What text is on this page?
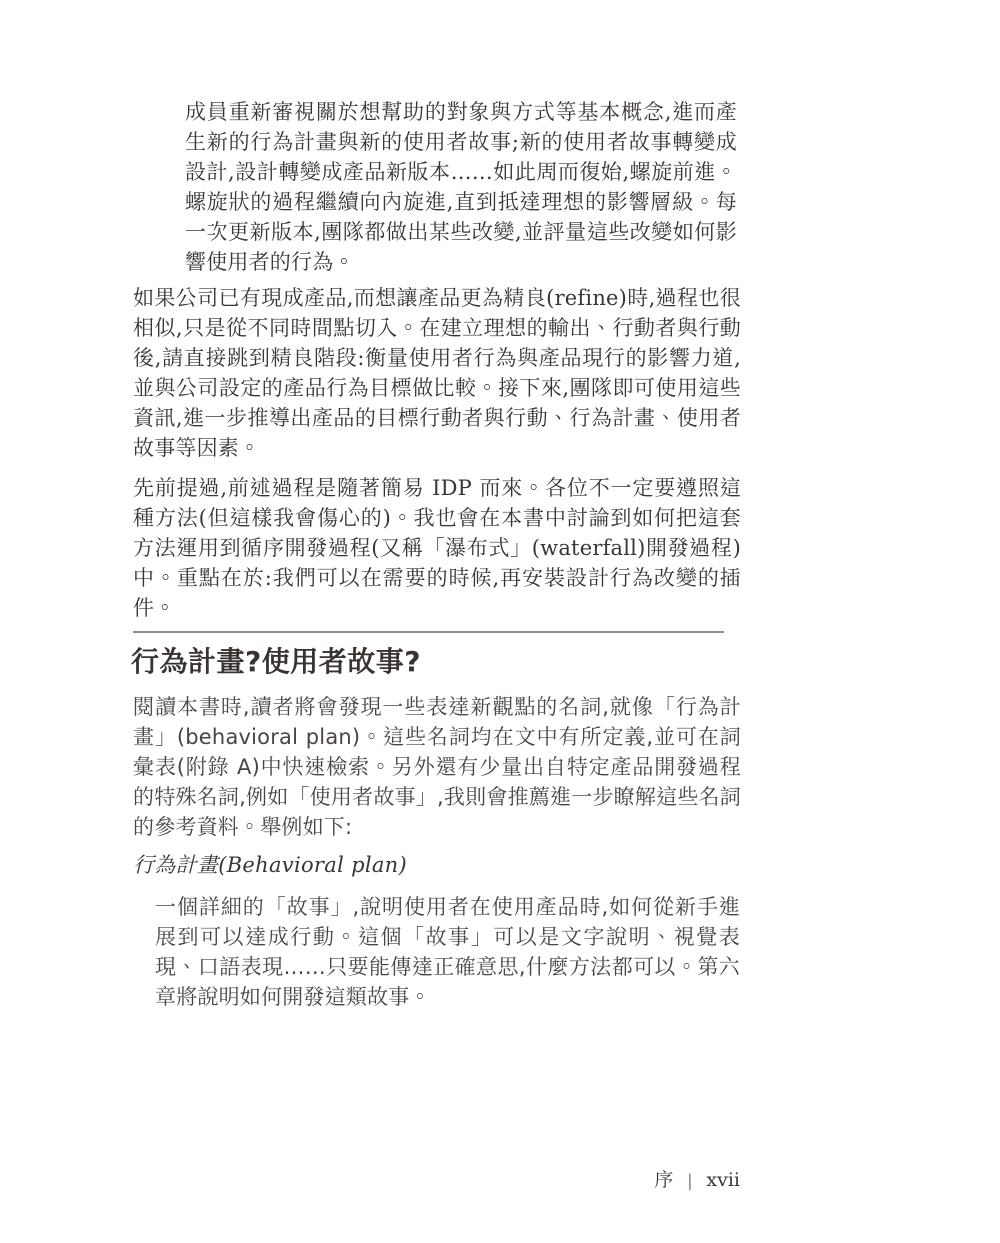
成員重新審視關於想幫助的對象與方式等基本概念,進而產生新的行為計畫與新的使用者故事;新的使用者故事轉變成設計,設計轉變成產品新版本……如此周而復始,螺旋前進。螺旋狀的過程繼續向內旋進,直到抵達理想的影響層級。每一次更新版本,團隊都做出某些改變,並評量這些改變如何影響使用者的行為。

如果公司已有現成產品,而想讓產品更為精良(refine)時,過程也很相似,只是從不同時間點切入。在建立理想的輸出、行動者與行動後,請直接跳到精良階段:衡量使用者行為與產品現行的影響力道,並與公司設定的產品行為目標做比較。接下來,團隊即可使用這些資訊,進一步推導出產品的目標行動者與行動、行為計畫、使用者故事等因素。

先前提過,前述過程是隨著簡易 IDP 而來。各位不一定要遵照這種方法(但這樣我會傷心的)。我也會在本書中討論到如何把這套方法運用到循序開發過程(又稱「瀑布式」(waterfall)開發過程)中。重點在於:我們可以在需要的時候,再安裝設計行為改變的插件。

行為計畫?使用者故事?

閱讀本書時,讀者將會發現一些表達新觀點的名詞,就像「行為計畫」(behavioral plan)。這些名詞均在文中有所定義,並可在詞彙表(附錄 A)中快速檢索。另外還有少量出自特定產品開發過程的特殊名詞,例如「使用者故事」,我則會推薦進一步瞭解這些名詞的參考資料。舉例如下:

行為計畫(Behavioral plan)

一個詳細的「故事」,說明使用者在使用產品時,如何從新手進展到可以達成行動。這個「故事」可以是文字說明、視覺表現、口語表現……只要能傳達正確意思,什麼方法都可以。第六章將說明如何開發這類故事。

序 | xvii
